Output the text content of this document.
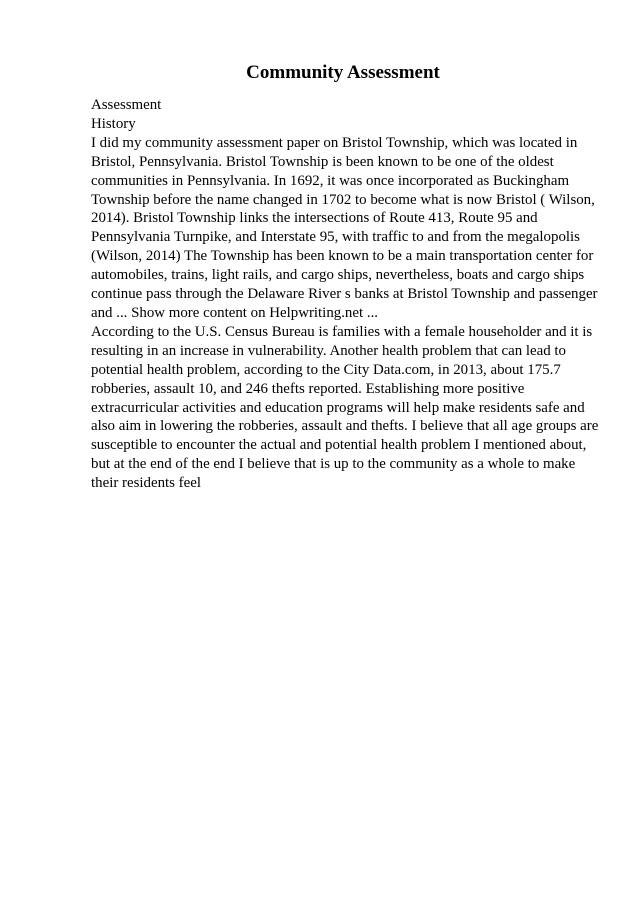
Community Assessment
Assessment
History
I did my community assessment paper on Bristol Township, which was located in
Bristol, Pennsylvania. Bristol Township is been known to be one of the oldest
communities in Pennsylvania. In 1692, it was once incorporated as Buckingham
Township before the name changed in 1702 to become what is now Bristol ( Wilson,
2014). Bristol Township links the intersections of Route 413, Route 95 and
Pennsylvania Turnpike, and Interstate 95, with traffic to and from the megalopolis
(Wilson, 2014) The Township has been known to be a main transportation center for
automobiles, trains, light rails, and cargo ships, nevertheless, boats and cargo ships
continue pass through the Delaware River s banks at Bristol Township and passenger
and ... Show more content on Helpwriting.net ...
According to the U.S. Census Bureau is families with a female householder and it is
resulting in an increase in vulnerability. Another health problem that can lead to
potential health problem, according to the City Data.com, in 2013, about 175.7
robberies, assault 10, and 246 thefts reported. Establishing more positive
extracurricular activities and education programs will help make residents safe and
also aim in lowering the robberies, assault and thefts. I believe that all age groups are
susceptible to encounter the actual and potential health problem I mentioned about,
but at the end of the end I believe that is up to the community as a whole to make
their residents feel
